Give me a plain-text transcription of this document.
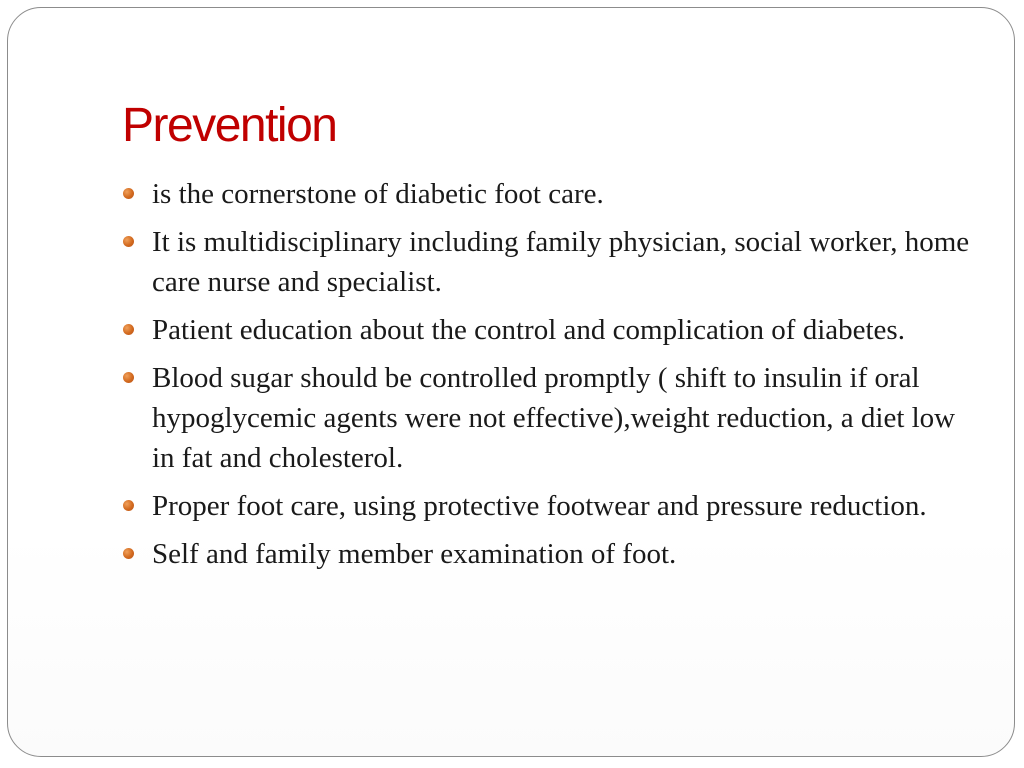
Prevention
is the cornerstone of diabetic foot care.
It is multidisciplinary including family physician, social worker, home care nurse and specialist.
Patient education about the control and complication of diabetes.
Blood sugar should be controlled promptly ( shift to insulin if oral hypoglycemic agents were not effective),weight reduction, a diet low in fat and cholesterol.
Proper foot care, using protective footwear and pressure reduction.
Self and family member examination of foot.
